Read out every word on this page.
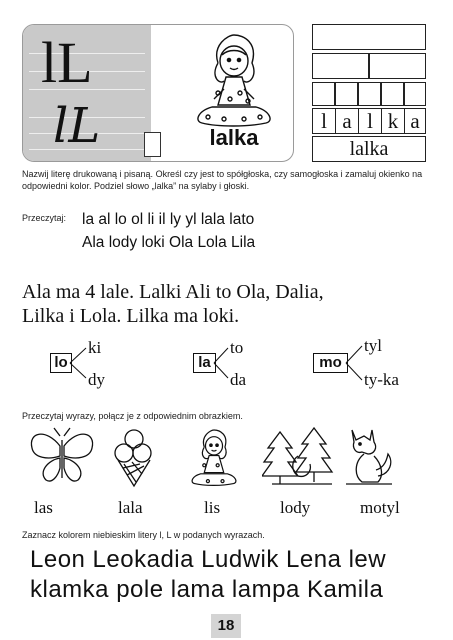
lL
lL	lalka
l a l k a
lalka
Nazwij literę drukowaną i pisaną. Określ czy jest to spółgłoska, czy samogłoska i zamaluj okienko na odpowiedni kolor. Podziel słowo „lalka” na sylaby i głoski.
Przeczytaj: la al lo ol li il ly yl lala lato
Ala lody loki Ola Lola Lila
Ala ma 4 lale. Lalki Ali to Ola, Dalia,
Lilka i Lola. Lilka ma loki.
lo
ki
dy
la
to
da
mo
tyl
ty-ka
Przeczytaj wyrazy, połącz je z odpowiednim obrazkiem.
las	lala	lis	lody	motyl
Zaznacz kolorem niebieskim litery l, L w podanych wyrazach.
Leon Leokadia Ludwik Lena lew
klamka pole lama lampa Kamila
18
